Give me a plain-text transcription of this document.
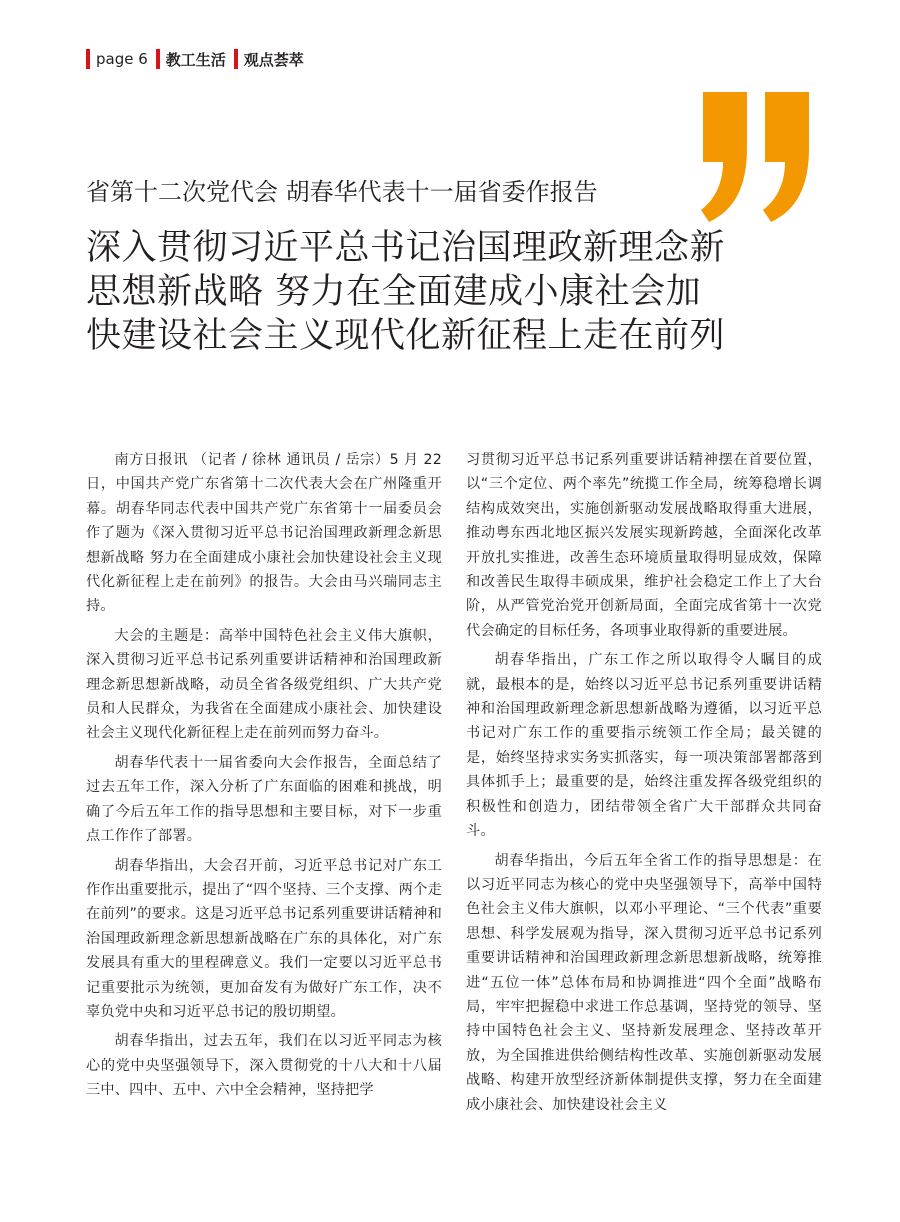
page 6 教工生活 观点荟萃
省第十二次党代会 胡春华代表十一届省委作报告
深入贯彻习近平总书记治国理政新理念新思想新战略 努力在全面建成小康社会加快建设社会主义现代化新征程上走在前列

南方日报讯 （记者 / 徐林 通讯员 / 岳宗）5 月 22 日，中国共产党广东省第十二次代表大会在广州隆重开幕。胡春华同志代表中国共产党广东省第十一届委员会作了题为《深入贯彻习近平总书记治国理政新理念新思想新战略 努力在全面建成小康社会加快建设社会主义现代化新征程上走在前列》的报告。大会由马兴瑞同志主持。

大会的主题是：高举中国特色社会主义伟大旗帜，深入贯彻习近平总书记系列重要讲话精神和治国理政新理念新思想新战略，动员全省各级党组织、广大共产党员和人民群众，为我省在全面建成小康社会、加快建设社会主义现代化新征程上走在前列而努力奋斗。

胡春华代表十一届省委向大会作报告，全面总结了过去五年工作，深入分析了广东面临的困难和挑战，明确了今后五年工作的指导思想和主要目标，对下一步重点工作作了部署。

胡春华指出，大会召开前，习近平总书记对广东工作作出重要批示，提出了“四个坚持、三个支撑、两个走在前列”的要求。这是习近平总书记系列重要讲话精神和治国理政新理念新思想新战略在广东的具体化，对广东发展具有重大的里程碑意义。我们一定要以习近平总书记重要批示为统领，更加奋发有为做好广东工作，决不辜负党中央和习近平总书记的殷切期望。

胡春华指出，过去五年，我们在以习近平同志为核心的党中央坚强领导下，深入贯彻党的十八大和十八届三中、四中、五中、六中全会精神，坚持把学

习贯彻习近平总书记系列重要讲话精神摆在首要位置，以“三个定位、两个率先”统揽工作全局，统筹稳增长调结构成效突出，实施创新驱动发展战略取得重大进展，推动粤东西北地区振兴发展实现新跨越，全面深化改革开放扎实推进，改善生态环境质量取得明显成效，保障和改善民生取得丰硕成果，维护社会稳定工作上了大台阶，从严管党治党开创新局面，全面完成省第十一次党代会确定的目标任务，各项事业取得新的重要进展。

胡春华指出，广东工作之所以取得令人瞩目的成就，最根本的是，始终以习近平总书记系列重要讲话精神和治国理政新理念新思想新战略为遵循，以习近平总书记对广东工作的重要指示统领工作全局；最关键的是，始终坚持求实务实抓落实，每一项决策部署都落到具体抓手上；最重要的是，始终注重发挥各级党组织的积极性和创造力，团结带领全省广大干部群众共同奋斗。

胡春华指出，今后五年全省工作的指导思想是：在以习近平同志为核心的党中央坚强领导下，高举中国特色社会主义伟大旗帜，以邓小平理论、“三个代表”重要思想、科学发展观为指导，深入贯彻习近平总书记系列重要讲话精神和治国理政新理念新思想新战略，统筹推进“五位一体”总体布局和协调推进“四个全面”战略布局，牢牢把握稳中求进工作总基调，坚持党的领导、坚持中国特色社会主义、坚持新发展理念、坚持改革开放，为全国推进供给侧结构性改革、实施创新驱动发展战略、构建开放型经济新体制提供支撑，努力在全面建成小康社会、加快建设社会主义
